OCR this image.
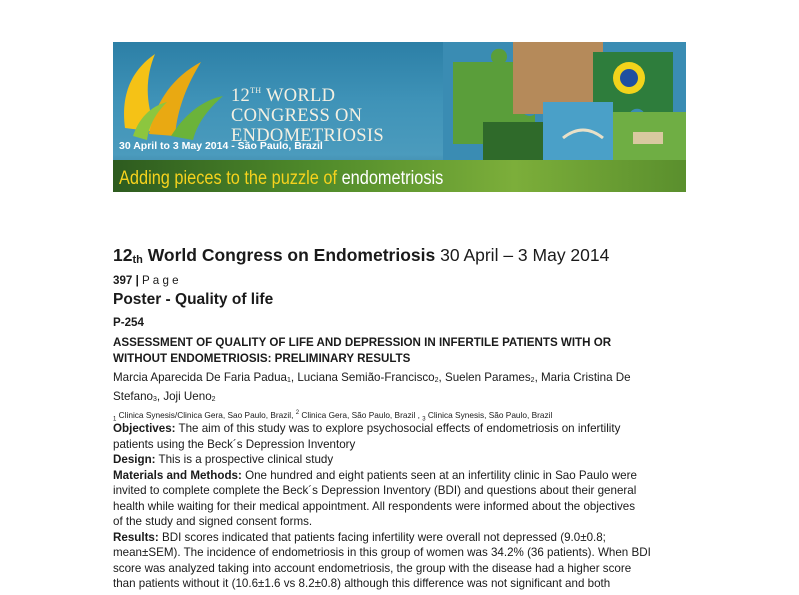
12TH WORLD
CONGRESS ON
ENDOMETRIOSIS
30 April to 3 May 2014 - São Paulo, Brazil
Adding pieces to the puzzle of endometriosis
$12_{th}$ World Congress on Endometriosis 30 April – 3 May 2014
397 | P a g e
Poster - Quality of life
P-254
ASSESSMENT OF QUALITY OF LIFE AND DEPRESSION IN INFERTILE PATIENTS WITH OR
WITHOUT ENDOMETRIOSIS: PRELIMINARY RESULTS
Marcia Aparecida De Faria Padua$_1$, Luciana Semião-Francisco$_2$, Suelen Parames$_2$, Maria Cristina De
Stefano$_3$, Joji Ueno$_2$
$_1$ Clinica Synesis/Clinica Gera, Sao Paulo, Brazil, $^2$ Clinica Gera, São Paulo, Brazil , $_3$ Clinica Synesis, São Paulo, Brazil
Objectives: The aim of this study was to explore psychosocial effects of endometriosis on infertility
patients using the Beck´s Depression Inventory
Design: This is a prospective clinical study
Materials and Methods: One hundred and eight patients seen at an infertility clinic in Sao Paulo were
invited to complete complete the Beck´s Depression Inventory (BDI) and questions about their general
health while waiting for their medical appointment. All respondents were informed about the objectives
of the study and signed consent forms.
Results: BDI scores indicated that patients facing infertility were overall not depressed (9.0±0.8;
mean±SEM). The incidence of endometriosis in this group of women was 34.2% (36 patients). When BDI
score was analyzed taking into account endometriosis, the group with the disease had a higher score
than patients without it (10.6±1.6 vs 8.2±0.8) although this difference was not significant and both
